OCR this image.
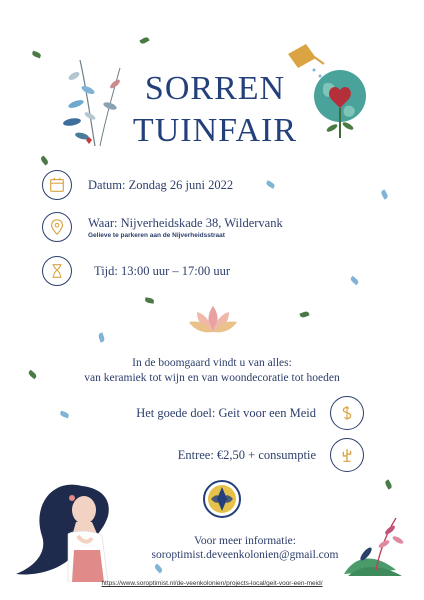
SORREN
TUINFAIR
Datum: Zondag 26 juni 2022
Waar: Nijverheidskade 38, Wildervank
Gelieve te parkeren aan de Nijverheidsstraat
Tijd: 13:00 uur – 17:00 uur
In de boomgaard vindt u van alles:
van keramiek tot wijn en van woondecoratie tot hoeden
Het goede doel: Geit voor een Meid
Entree: €2,50 + consumptie
Voor meer informatie:
soroptimist.deveenkolonien@gmail.com
https://www.soroptimist.nl/de-veenkolonien/projects-local/geit-voor-een-meid/
